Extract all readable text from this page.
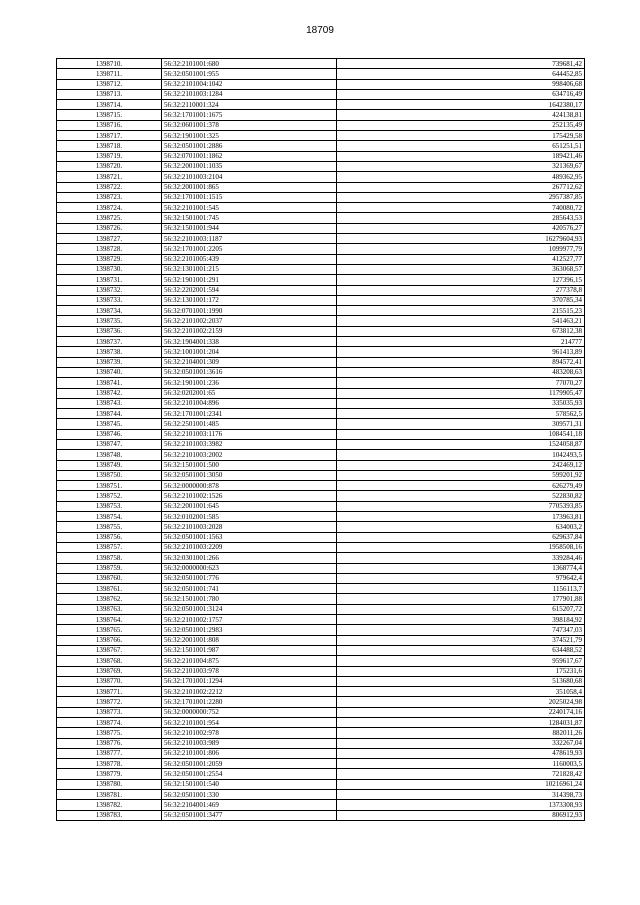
18709
1398710.	56:32:2101001:680	739681,42
1398711.	56:32:0501001:955	644452,85
1398712.	56:32:2101004:1042	998406,68
1398713.	56:32:2101003:1284	634716,49
1398714.	56:32:2110001:324	1642380,17
1398715.	56:32:1701001:1675	424138,81
1398716.	56:32:0601001:378	252135,49
1398717.	56:32:1901001:325	175429,58
1398718.	56:32:0501001:2886	651251,51
1398719.	56:32:0701001:1862	189421,46
1398720.	56:32:2001001:1035	321369,67
1398721.	56:32:2101003:2104	489362,95
1398722.	56:32:2001001:865	267712,62
1398723.	56:32:1701001:1515	2957387,85
1398724.	56:32:2101001:545	740080,72
1398725.	56:32:1501001:745	285643,53
1398726.	56:32:1501001:944	420576,27
1398727.	56:32:2101003:1187	16279604,93
1398728.	56:32:1701001:2205	1099977,79
1398729.	56:32:2101005:439	412527,77
1398730.	56:32:1301001:215	363068,57
1398731.	56:32:1901001:291	127396,15
1398732.	56:32:2202001:594	277378,8
1398733.	56:32:1301001:172	370785,34
1398734.	56:32:0701001:1990	215515,23
1398735.	56:32:2101002:2037	541463,21
1398736.	56:32:2101002:2159	673812,38
1398737.	56:32:1904001:338	214777
1398738.	56:32:1001001:204	961413,89
1398739.	56:32:2104001:309	894572,41
1398740.	56:32:0501001:3616	483208,63
1398741.	56:32:1901001:236	77070,27
1398742.	56:32:0202001:65	1179905,47
1398743.	56:32:2101004:896	335035,93
1398744.	56:32:1701001:2341	578562,5
1398745.	56:32:2501001:485	309571,31
1398746.	56:32:2101003:1176	1084541,18
1398747.	56:32:2101003:3982	1524058,87
1398748.	56:32:2101003:2002	1042493,5
1398749.	56:32:1501001:500	242469,12
1398750.	56:32:0501001:3050	599201,92
1398751.	56:32:0000000:878	626279,49
1398752.	56:32:2101002:1526	522830,82
1398753.	56:32:2001001:645	7705393,85
1398754.	56:32:0102001:585	173963,81
1398755.	56:32:2101003:2028	634003,2
1398756.	56:32:0501001:1563	629637,84
1398757.	56:32:2101003:2209	1958508,16
1398758.	56:32:0301001:266	339284,46
1398759.	56:32:0000000:623	1368774,4
1398760.	56:32:0501001:776	979642,4
1398761.	56:32:0501001:741	1156113,7
1398762.	56:32:1501001:780	177901,88
1398763.	56:32:0501001:3124	615207,72
1398764.	56:32:2101002:1757	398184,92
1398765.	56:32:0501001:2983	747347,03
1398766.	56:32:2001001:808	374521,79
1398767.	56:32:1501001:987	634488,52
1398768.	56:32:2101004:875	959617,67
1398769.	56:32:2101003:978	175231,6
1398770.	56:32:1701001:1294	513680,68
1398771.	56:32:2101002:2212	351058,4
1398772.	56:32:1701001:2280	2025024,98
1398773.	56:32:0000000:752	2240174,16
1398774.	56:32:2101001:954	1284031,87
1398775.	56:32:2101002:978	882011,26
1398776.	56:32:2101003:989	332267,04
1398777.	56:32:2101001:806	478619,93
1398778.	56:32:0501001:2059	1160003,5
1398779.	56:32:0501001:2554	721828,42
1398780.	56:32:1501001:540	10216961,24
1398781.	56:32:0501001:330	314398,73
1398782.	56:32:2104001:469	1373308,93
1398783.	56:32:0501001:3477	806912,93
